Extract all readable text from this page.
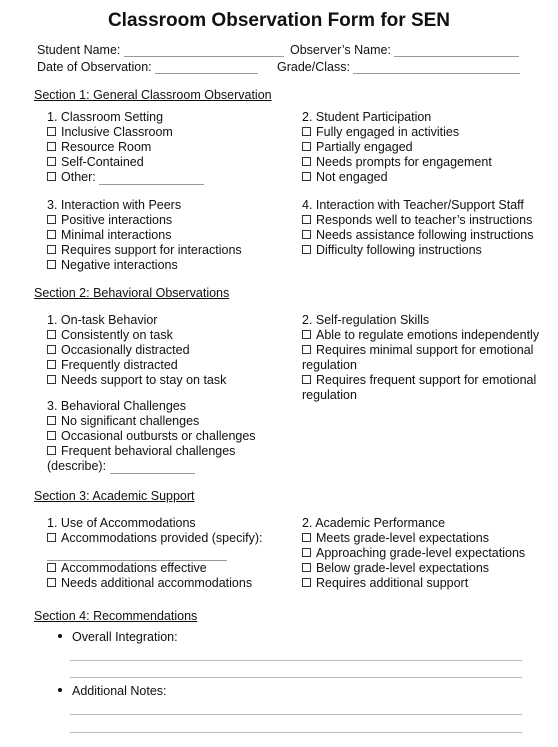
Classroom Observation Form for SEN
Student Name:	Observer’s Name:
Date of Observation:	Grade/Class:
Section 1: General Classroom Observation
1. Classroom Setting
Inclusive Classroom
Resource Room
Self-Contained
Other:
2. Student Participation
Fully engaged in activities
Partially engaged
Needs prompts for engagement
Not engaged
3. Interaction with Peers
Positive interactions
Minimal interactions
Requires support for interactions
Negative interactions
4. Interaction with Teacher/Support Staff
Responds well to teacher’s instructions
Needs assistance following instructions
Difficulty following instructions
Section 2: Behavioral Observations
1. On-task Behavior
Consistently on task
Occasionally distracted
Frequently distracted
Needs support to stay on task
2. Self-regulation Skills
Able to regulate emotions independently
Requires minimal support for emotional regulation
Requires frequent support for emotional regulation
3. Behavioral Challenges
No significant challenges
Occasional outbursts or challenges
Frequent behavioral challenges
(describe):
Section 3: Academic Support
1. Use of Accommodations
Accommodations provided (specify):
Accommodations effective
Needs additional accommodations
2. Academic Performance
Meets grade-level expectations
Approaching grade-level expectations
Below grade-level expectations
Requires additional support
Section 4: Recommendations
Overall Integration:
Additional Notes:
